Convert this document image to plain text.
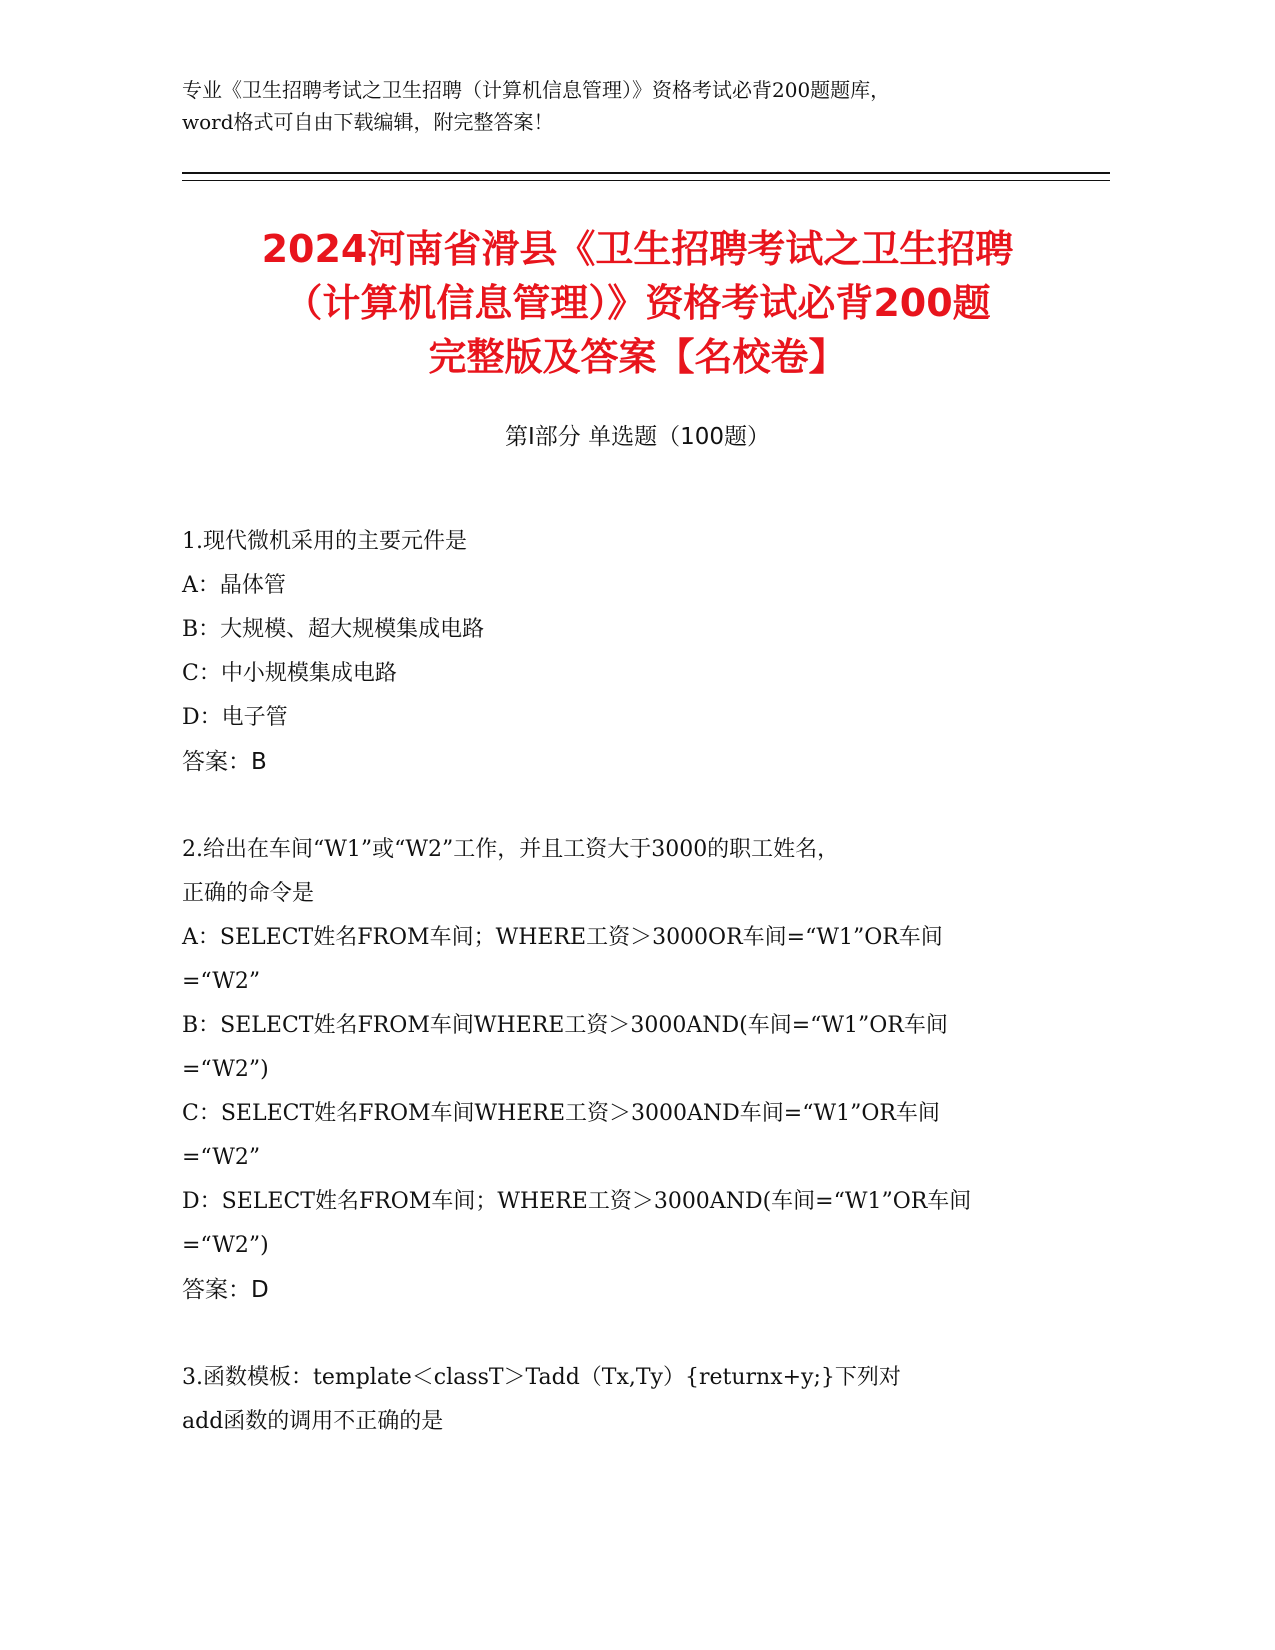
专业《卫生招聘考试之卫生招聘（计算机信息管理）》资格考试必背200题题库，
word格式可自由下载编辑，附完整答案！
2024河南省滑县《卫生招聘考试之卫生招聘
（计算机信息管理）》资格考试必背200题
完整版及答案【名校卷】
第Ⅰ部分 单选题（100题）
1.现代微机采用的主要元件是
A：晶体管
B：大规模、超大规模集成电路
C：中小规模集成电路
D：电子管
答案：B
2.给出在车间“W1”或“W2”工作，并且工资大于3000的职工姓名，
正确的命令是
A：SELECT姓名FROM车间；WHERE工资＞3000OR车间=“W1”OR车间
=“W2”
B：SELECT姓名FROM车间WHERE工资＞3000AND(车间=“W1”OR车间
=“W2”)
C：SELECT姓名FROM车间WHERE工资＞3000AND车间=“W1”OR车间
=“W2”
D：SELECT姓名FROM车间；WHERE工资＞3000AND(车间=“W1”OR车间
=“W2”)
答案：D
3.函数模板：template＜classT＞Tadd（Tx,Ty）{returnx+y;}下列对
add函数的调用不正确的是
